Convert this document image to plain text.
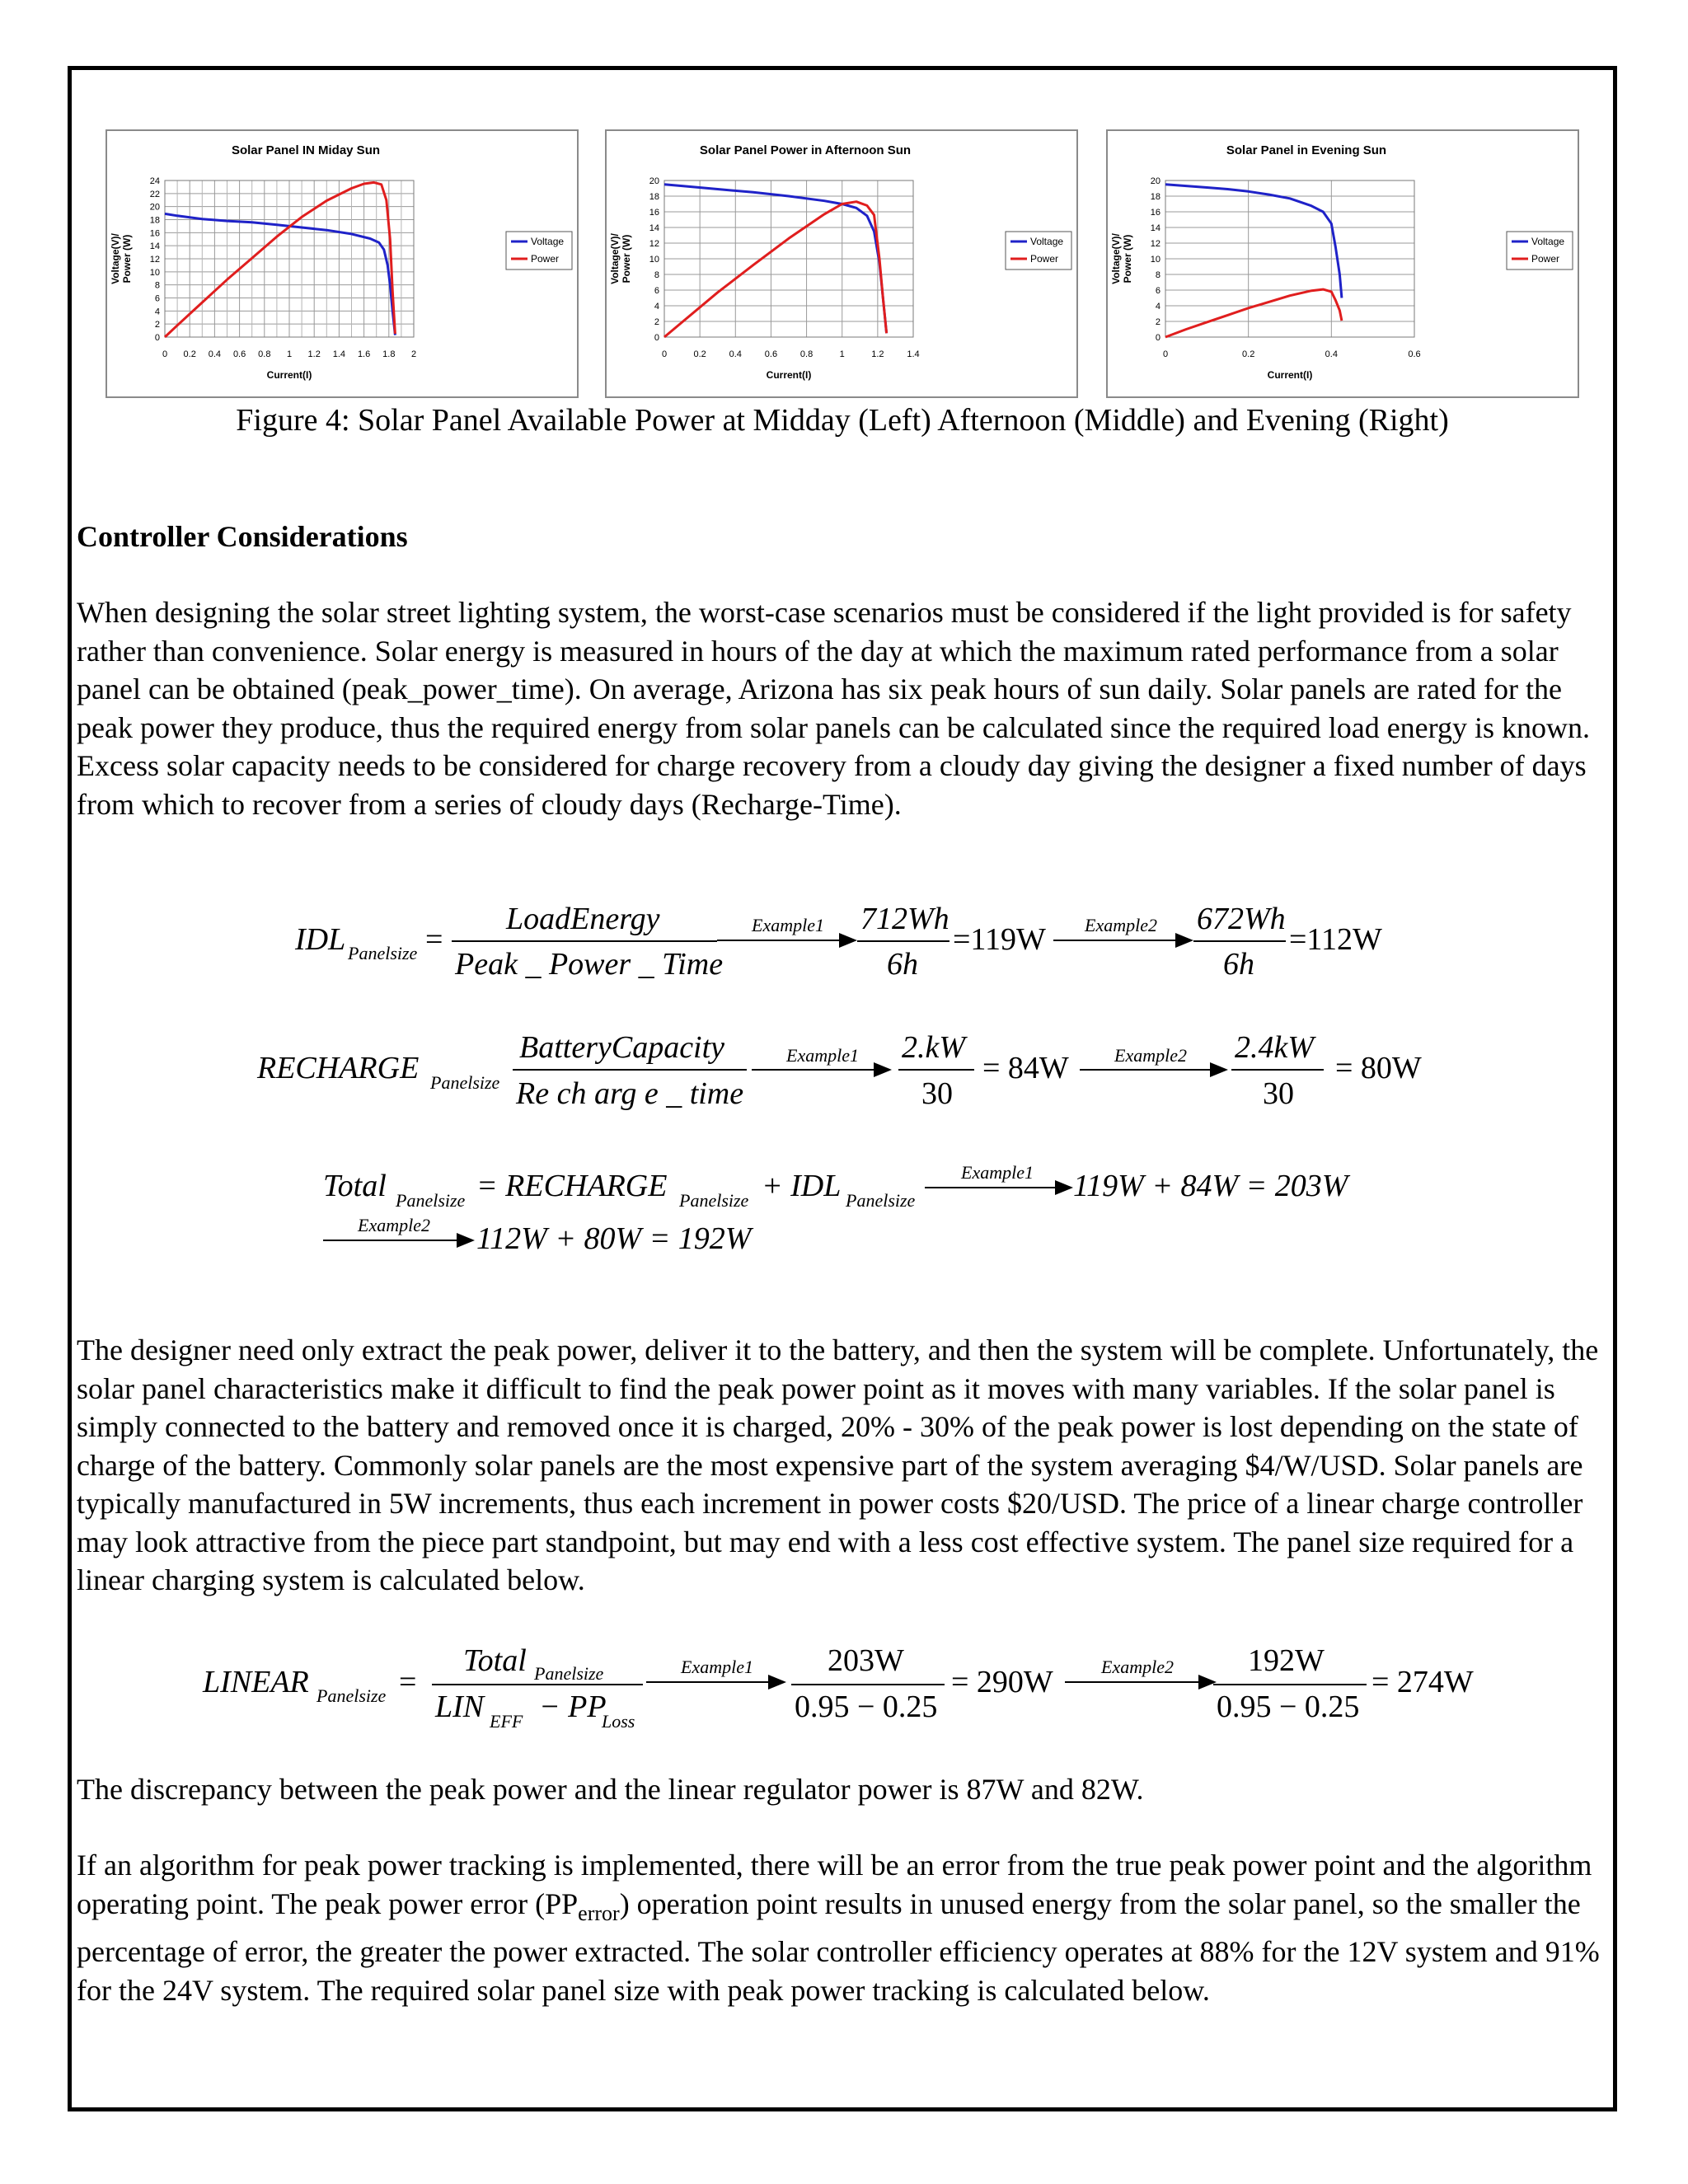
Solar Panel IN Miday Sun
0
2
4
6
8
10
12
14
16
18
20
22
24
0 0.2 0.4 0.6 0.8 1 1.2 1.4 1.6 1.8 2
Current(I)
Voltage(V)/ Power (W)	Voltage
Power
Solar Panel Power in Afternoon Sun
0
2
4
6
8
10
12
14
16
18
20
0	0.2	0.4	0.6	0.8	1	1.2	1.4
Current(I)
Voltage(V)/ Power (W)	Voltage
Power
Solar Panel in Evening Sun
0
2
4
6
8
10
12
14
16
18
20
0	0.2	0.4	0.6
Current(I)
Voltage(V)/ Power (W)	Voltage
Power
Figure 4: Solar Panel Available Power at Midday (Left) Afternoon (Middle) and Evening (Right)
Controller Considerations

When designing the solar street lighting system, the worst-case scenarios must be considered if the light provided is for safety rather than convenience. Solar energy is measured in hours of the day at which the maximum rated performance from a solar panel can be obtained (peak_power_time). On average, Arizona has six peak hours of sun daily. Solar panels are rated for the peak power they produce, thus the required energy from solar panels can be calculated since the required load energy is known. Excess solar capacity needs to be considered for charge recovery from a cloudy day giving the designer a fixed number of days from which to recover from a series of cloudy days (Recharge-Time).

IDL Panelsize =
LoadEnergy
Peak _ Power _ Time
Example1 712Wh
6h
=119W Example2 672Wh
6h
=112W
RECHARGE Panelsize
BatteryCapacity
Re ch arg e _ time
Example1 2.kW
30
= 84W	Example2 2.4kW
30
= 80W
Total Panelsize = RECHARGE Panelsize + IDL Panelsize
Example1 119W + 84W = 203W
Example2 112W + 80W = 192W
LINEAR Panelsize =
Total Panelsize
LIN EFF − PP
Loss
Example1 203W
0.95 − 0.25
= 290W	Example2 192W
0.95 − 0.25
= 274W

The designer need only extract the peak power, deliver it to the battery, and then the system will be complete. Unfortunately, the solar panel characteristics make it difficult to find the peak power point as it moves with many variables. If the solar panel is simply connected to the battery and removed once it is charged, 20% - 30% of the peak power is lost depending on the state of charge of the battery. Commonly solar panels are the most expensive part of the system averaging $4/W/USD. Solar panels are typically manufactured in 5W increments, thus each increment in power costs $20/USD. The price of a linear charge controller may look attractive from the piece part standpoint, but may end with a less cost effective system. The panel size required for a linear charging system is calculated below.

The discrepancy between the peak power and the linear regulator power is 87W and 82W.

If an algorithm for peak power tracking is implemented, there will be an error from the true peak power point and the algorithm operating point. The peak power error $(PP_{error})$ operation point results in unused energy from the solar panel, so the smaller the percentage of error, the greater the power extracted. The solar controller efficiency operates at 88% for the 12V system and 91% for the 24V system. The required solar panel size with peak power tracking is calculated below.
